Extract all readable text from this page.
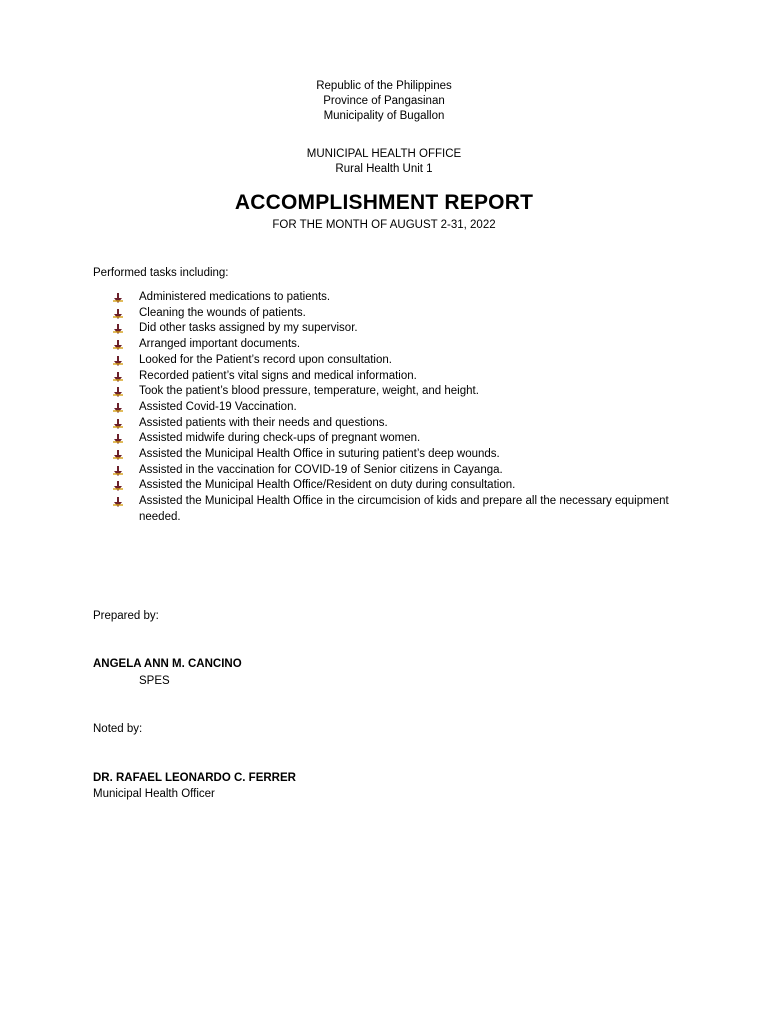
Republic of the Philippines
Province of Pangasinan
Municipality of Bugallon
MUNICIPAL HEALTH OFFICE
Rural Health Unit 1
ACCOMPLISHMENT REPORT
FOR THE MONTH OF AUGUST 2-31, 2022
Performed tasks including:
Administered medications to patients.
Cleaning the wounds of patients.
Did other tasks assigned by my supervisor.
Arranged important documents.
Looked for the Patient’s record upon consultation.
Recorded patient’s vital signs and medical information.
Took the patient’s blood pressure, temperature, weight, and height.
Assisted Covid-19 Vaccination.
Assisted patients with their needs and questions.
Assisted midwife during check-ups of pregnant women.
Assisted the Municipal Health Office in suturing patient’s deep wounds.
Assisted in the vaccination for COVID-19 of Senior citizens in Cayanga.
Assisted the Municipal Health Office/Resident on duty during consultation.
Assisted the Municipal Health Office in the circumcision of kids and prepare all the necessary equipment needed.
Prepared by:
ANGELA ANN M. CANCINO
SPES
Noted by:
DR. RAFAEL LEONARDO C. FERRER
Municipal Health Officer
